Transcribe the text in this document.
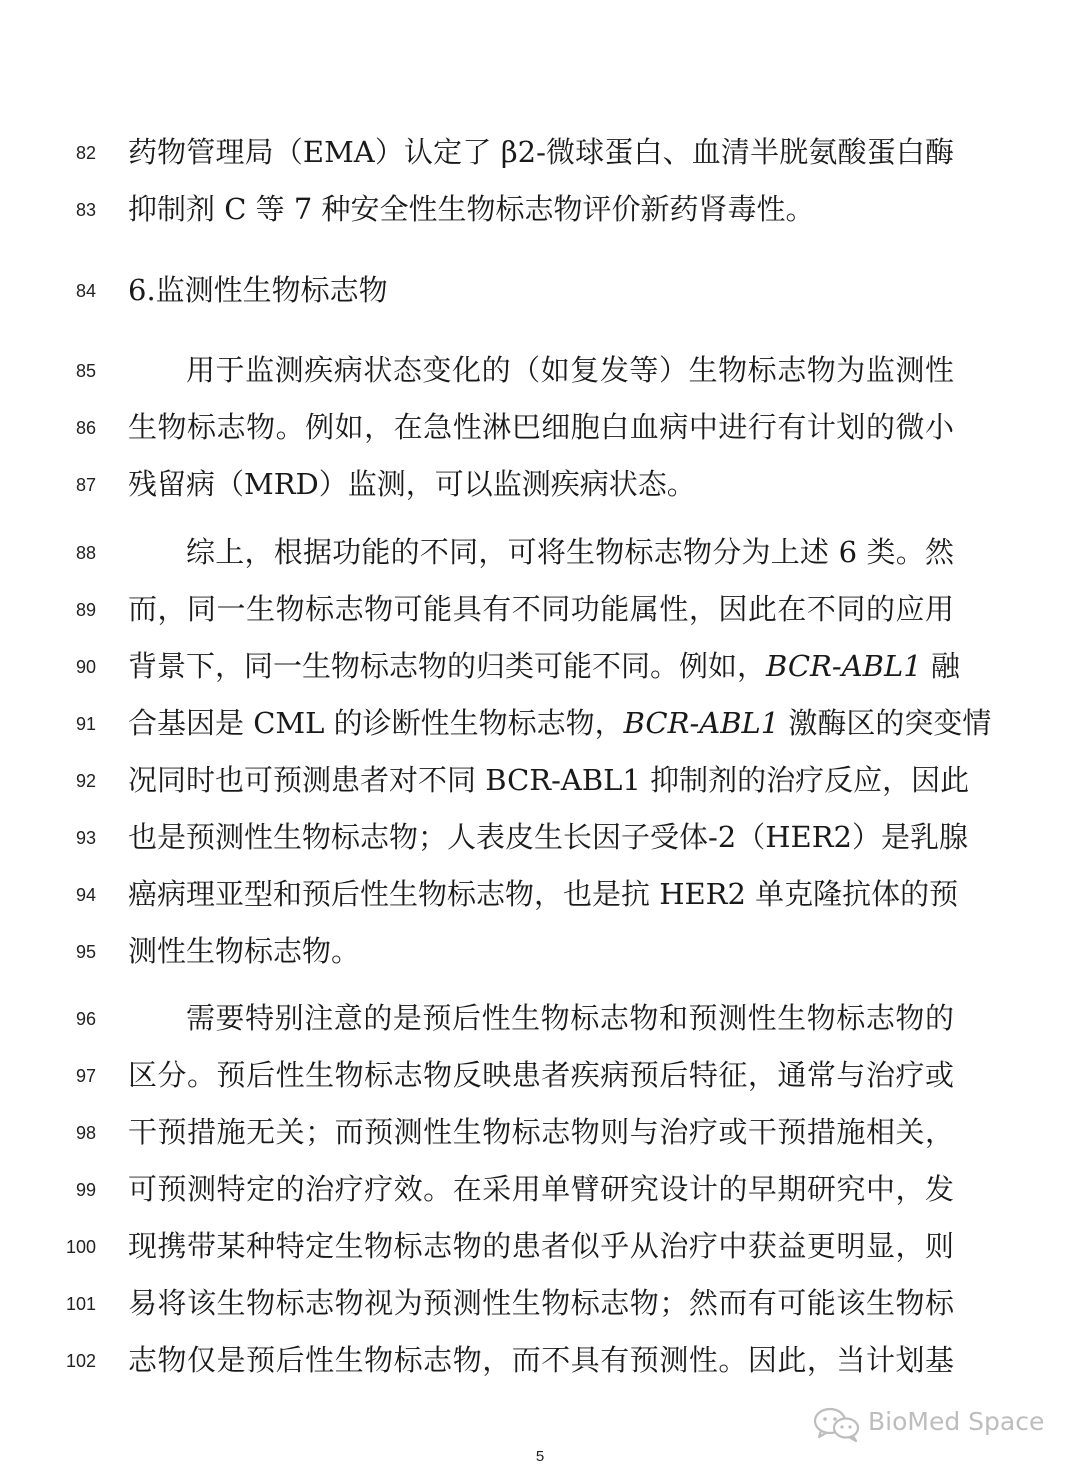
82 药物管理局（EMA）认定了 β2-微球蛋白、血清半胱氨酸蛋白酶
83 抑制剂 C 等 7 种安全性生物标志物评价新药肾毒性。
84 6.监测性生物标志物
85	用于监测疾病状态变化的（如复发等）生物标志物为监测性
86 生物标志物。例如，在急性淋巴细胞白血病中进行有计划的微小
87 残留病（MRD）监测，可以监测疾病状态。
88	综上，根据功能的不同，可将生物标志物分为上述 6 类。然
89 而，同一生物标志物可能具有不同功能属性，因此在不同的应用
90 背景下，同一生物标志物的归类可能不同。例如，BCR-ABL1 融
91 合基因是 CML 的诊断性生物标志物，BCR-ABL1 激酶区的突变情
92 况同时也可预测患者对不同 BCR-ABL1 抑制剂的治疗反应，因此
93 也是预测性生物标志物；人表皮生长因子受体-2（HER2）是乳腺
94 癌病理亚型和预后性生物标志物，也是抗 HER2 单克隆抗体的预
95 测性生物标志物。
96	需要特别注意的是预后性生物标志物和预测性生物标志物的
97 区分。预后性生物标志物反映患者疾病预后特征，通常与治疗或
98 干预措施无关；而预测性生物标志物则与治疗或干预措施相关，
99 可预测特定的治疗疗效。在采用单臂研究设计的早期研究中，发
100 现携带某种特定生物标志物的患者似乎从治疗中获益更明显，则
101 易将该生物标志物视为预测性生物标志物；然而有可能该生物标
102 志物仅是预后性生物标志物，而不具有预测性。因此，当计划基
BioMed Space
5
